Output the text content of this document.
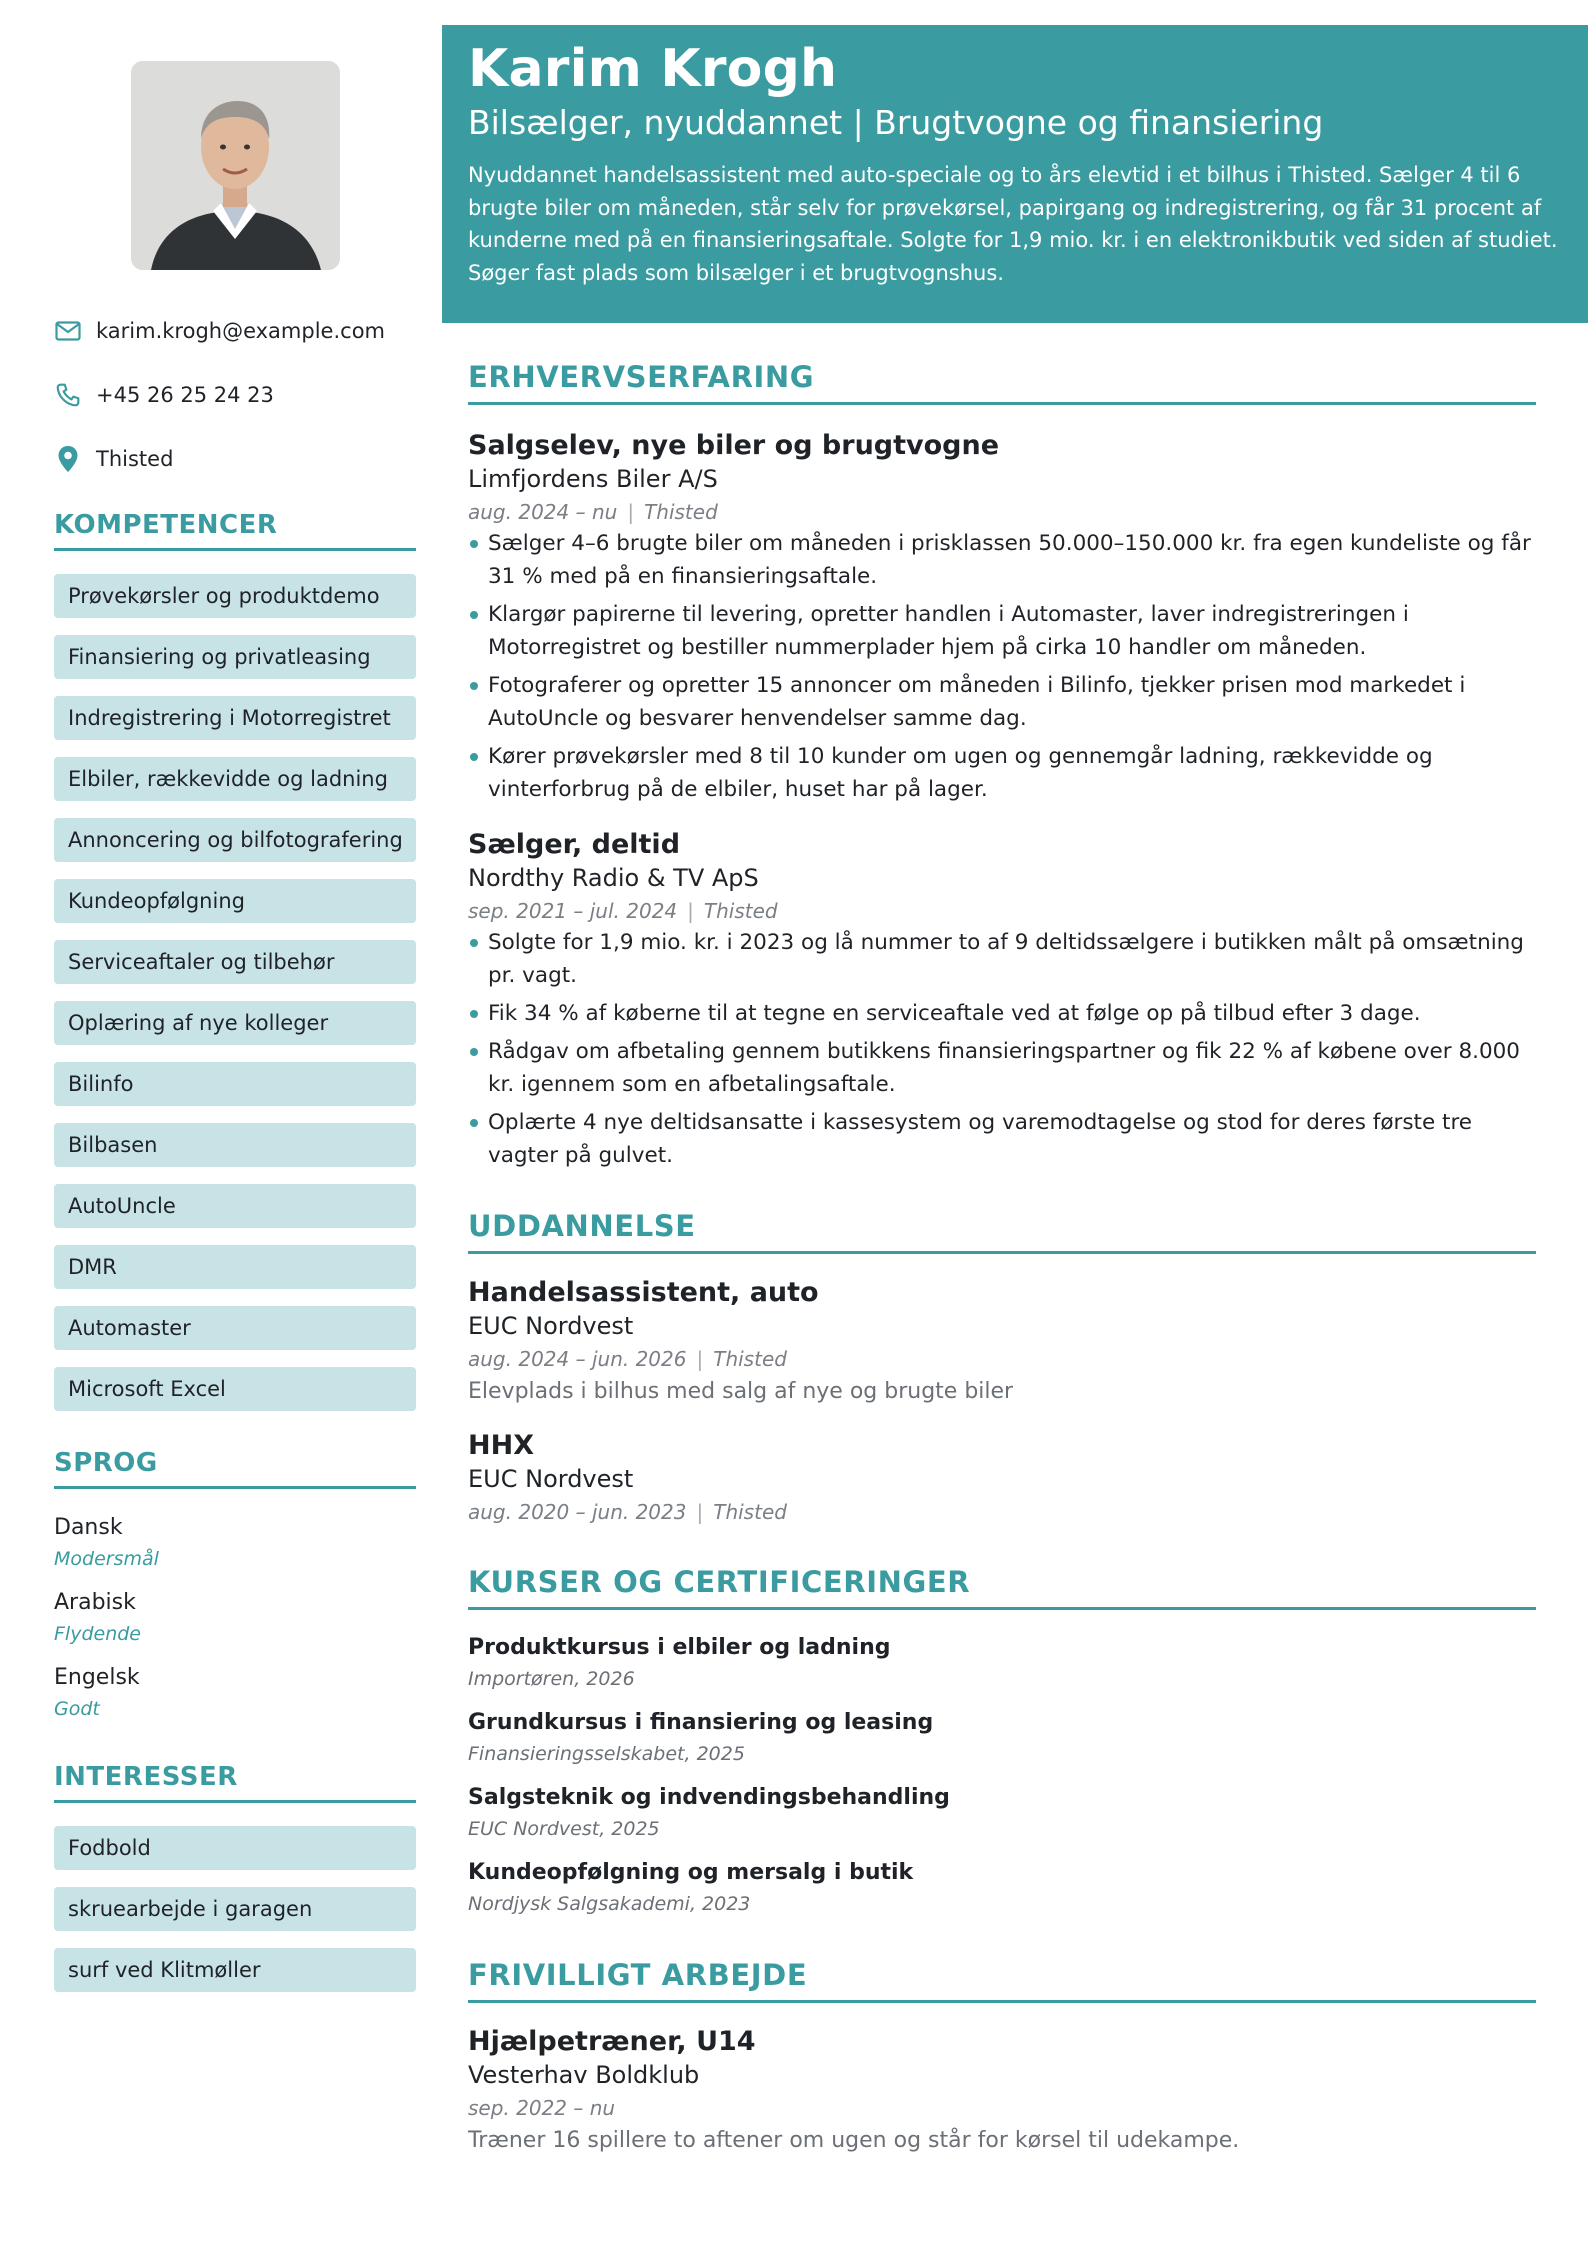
karim.krogh@example.com
+45 26 25 24 23
Thisted
KOMPETENCER
Prøvekørsler og produktdemo
Finansiering og privatleasing
Indregistrering i Motorregistret
Elbiler, rækkevidde og ladning
Annoncering og bilfotografering
Kundeopfølgning
Serviceaftaler og tilbehør
Oplæring af nye kolleger
Bilinfo
Bilbasen
AutoUncle
DMR
Automaster
Microsoft Excel
SPROG
Dansk
Modersmål
Arabisk
Flydende
Engelsk
Godt
INTERESSER
Fodbold
skruearbejde i garagen
surf ved Klitmøller
Karim Krogh
Bilsælger, nyuddannet | Brugtvogne og finansiering
Nyuddannet handelsassistent med auto-speciale og to års elevtid i et bilhus i Thisted. Sælger 4 til 6 brugte biler om måneden, står selv for prøvekørsel, papirgang og indregistrering, og får 31 procent af kunderne med på en finansieringsaftale. Solgte for 1,9 mio. kr. i en elektronikbutik ved siden af studiet. Søger fast plads som bilsælger i et brugtvognshus.
ERHVERVSERFARING
Salgselev, nye biler og brugtvogne
Limfjordens Biler A/S
aug. 2024 – nu | Thisted
Sælger 4–6 brugte biler om måneden i prisklassen 50.000–150.000 kr. fra egen kundeliste og får 31 % med på en finansieringsaftale.
Klargør papirerne til levering, opretter handlen i Automaster, laver indregistreringen i Motorregistret og bestiller nummerplader hjem på cirka 10 handler om måneden.
Fotograferer og opretter 15 annoncer om måneden i Bilinfo, tjekker prisen mod markedet i AutoUncle og besvarer henvendelser samme dag.
Kører prøvekørsler med 8 til 10 kunder om ugen og gennemgår ladning, rækkevidde og vinterforbrug på de elbiler, huset har på lager.
Sælger, deltid
Nordthy Radio & TV ApS
sep. 2021 – jul. 2024 | Thisted
Solgte for 1,9 mio. kr. i 2023 og lå nummer to af 9 deltidssælgere i butikken målt på omsætning pr. vagt.
Fik 34 % af køberne til at tegne en serviceaftale ved at følge op på tilbud efter 3 dage.
Rådgav om afbetaling gennem butikkens finansieringspartner og fik 22 % af købene over 8.000 kr. igennem som en afbetalingsaftale.
Oplærte 4 nye deltidsansatte i kassesystem og varemodtagelse og stod for deres første tre vagter på gulvet.
UDDANNELSE
Handelsassistent, auto
EUC Nordvest
aug. 2024 – jun. 2026 | Thisted
Elevplads i bilhus med salg af nye og brugte biler
HHX
EUC Nordvest
aug. 2020 – jun. 2023 | Thisted
KURSER OG CERTIFICERINGER
Produktkursus i elbiler og ladning
Importøren, 2026
Grundkursus i finansiering og leasing
Finansieringsselskabet, 2025
Salgsteknik og indvendingsbehandling
EUC Nordvest, 2025
Kundeopfølgning og mersalg i butik
Nordjysk Salgsakademi, 2023
FRIVILLIGT ARBEJDE
Hjælpetræner, U14
Vesterhav Boldklub
sep. 2022 – nu
Træner 16 spillere to aftener om ugen og står for kørsel til udekampe.
